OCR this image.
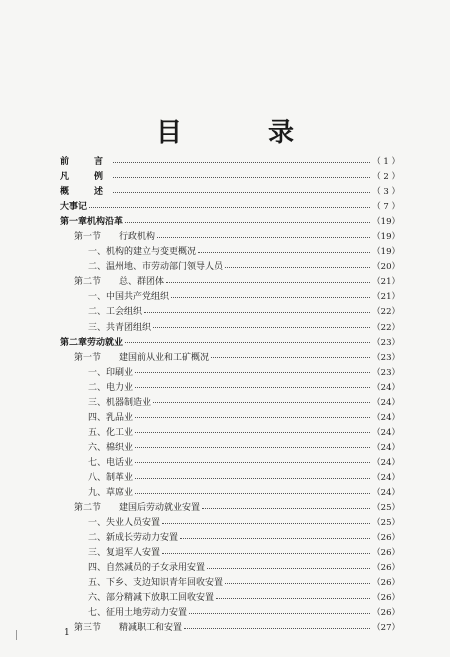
目　录
前　言	（ 1 ）
凡　例	（ 2 ）
概　述	（ 3 ）
大事记	（ 7 ）
第一章机构沿革	（19）
第一节　　行政机构	（19）
一、机构的建立与变更概况	（19）
二、温州地、市劳动部门领导人员	（20）
第二节　　总、群团体	（21）
一、中国共产党组织	（21）
二、工会组织	（22）
三、共青团组织	（22）
第二章劳动就业	（23）
第一节　　建国前从业和工矿概况	（23）
一、印刷业	（23）
二、电力业	（24）
三、机器制造业	（24）
四、乳品业	（24）
五、化工业	（24）
六、棉织业	（24）
七、电话业	（24）
八、制革业	（24）
九、草席业	（24）
第二节　　建国后劳动就业安置	（25）
一、失业人员安置	（25）
二、新成长劳动力安置	（26）
三、复退军人安置	（26）
四、自然减员的子女录用安置	（26）
五、下乡、支边知识青年回收安置	（26）
六、部分精减下放职工回收安置	（26）
七、征用土地劳动力安置	（26）
第三节　　精减职工和安置	（27）
1
